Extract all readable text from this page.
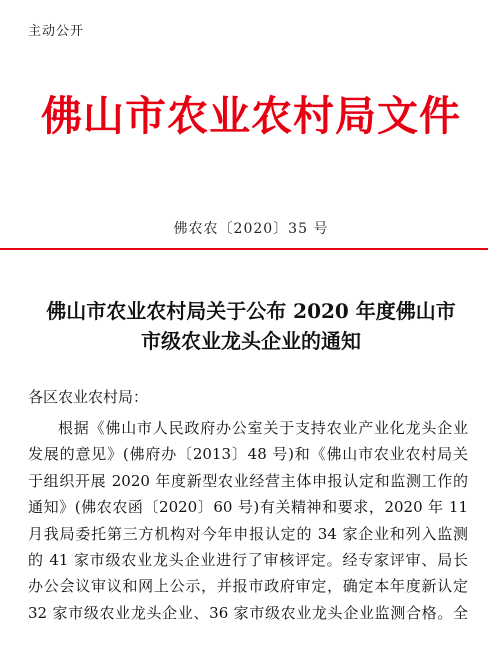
主动公开
佛山市农业农村局文件
佛农农〔2020〕35 号
佛山市农业农村局关于公布 2020 年度佛山市
市级农业龙头企业的通知
各区农业农村局：
根据《佛山市人民政府办公室关于支持农业产业化龙头企业
发展的意见》(佛府办〔2013〕48 号)和《佛山市农业农村局关
于组织开展 2020 年度新型农业经营主体申报认定和监测工作的
通知》(佛农农函〔2020〕60 号)有关精神和要求，2020 年 11
月我局委托第三方机构对今年申报认定的 34 家企业和列入监测
的 41 家市级农业龙头企业进行了审核评定。经专家评审、局长
办公会议审议和网上公示，并报市政府审定，确定本年度新认定
32 家市级农业龙头企业、36 家市级农业龙头企业监测合格。全
